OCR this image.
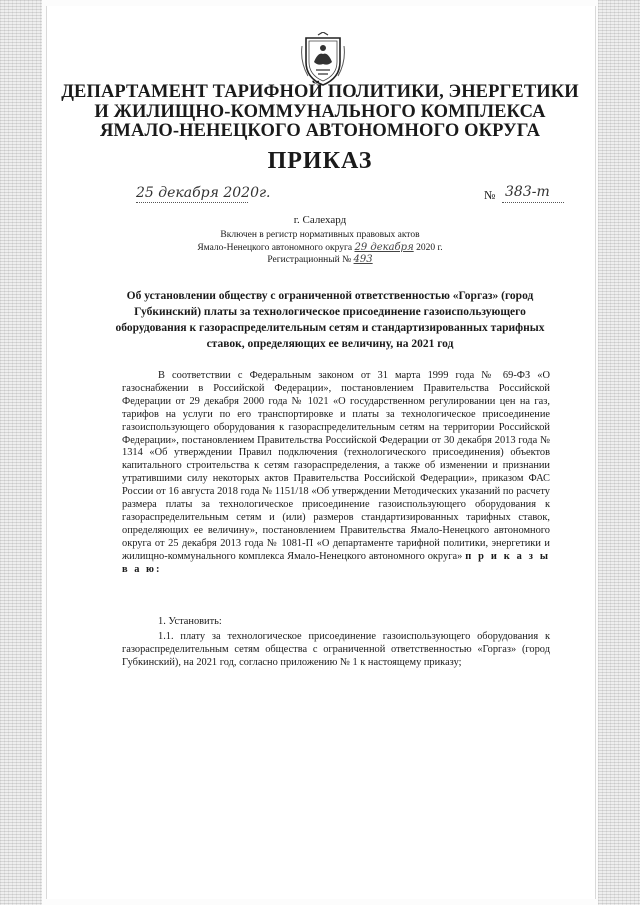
ДЕПАРТАМЕНТ ТАРИФНОЙ ПОЛИТИКИ, ЭНЕРГЕТИКИ
И ЖИЛИЩНО-КОММУНАЛЬНОГО КОМПЛЕКСА
ЯМАЛО-НЕНЕЦКОГО АВТОНОМНОГО ОКРУГА
ПРИКАЗ
25 декабря 2020г.	№ 383-т
г. Салехард
Включен в регистр нормативных правовых актов
Ямало-Ненецкого автономного округа 29 декабря 2020 г.
Регистрационный № 493
Об установлении обществу с ограниченной ответственностью «Горгаз» (город Губкинский) платы за технологическое присоединение газоиспользующего оборудования к газораспределительным сетям и стандартизированных тарифных ставок, определяющих ее величину, на 2021 год
В соответствии с Федеральным законом от 31 марта 1999 года № 69-ФЗ «О газоснабжении в Российской Федерации», постановлением Правительства Российской Федерации от 29 декабря 2000 года № 1021 «О государственном регулировании цен на газ, тарифов на услуги по его транспортировке и платы за технологическое присоединение газоиспользующего оборудования к газораспределительным сетям на территории Российской Федерации», постановлением Правительства Российской Федерации от 30 декабря 2013 года № 1314 «Об утверждении Правил подключения (технологического присоединения) объектов капитального строительства к сетям газораспределения, а также об изменении и признании утратившими силу некоторых актов Правительства Российской Федерации», приказом ФАС России от 16 августа 2018 года № 1151/18 «Об утверждении Методических указаний по расчету размера платы за технологическое присоединение газоиспользующего оборудования к газораспределительным сетям и (или) размеров стандартизированных тарифных ставок, определяющих ее величину», постановлением Правительства Ямало-Ненецкого автономного округа от 25 декабря 2013 года № 1081-П «О департаменте тарифной политики, энергетики и жилищно-коммунального комплекса Ямало-Ненецкого автономного округа» п р и к а з ы в а ю:
1. Установить:
1.1. плату за технологическое присоединение газоиспользующего оборудования к газораспределительным сетям общества с ограниченной ответственностью «Горгаз» (город Губкинский), на 2021 год, согласно приложению № 1 к настоящему приказу;
